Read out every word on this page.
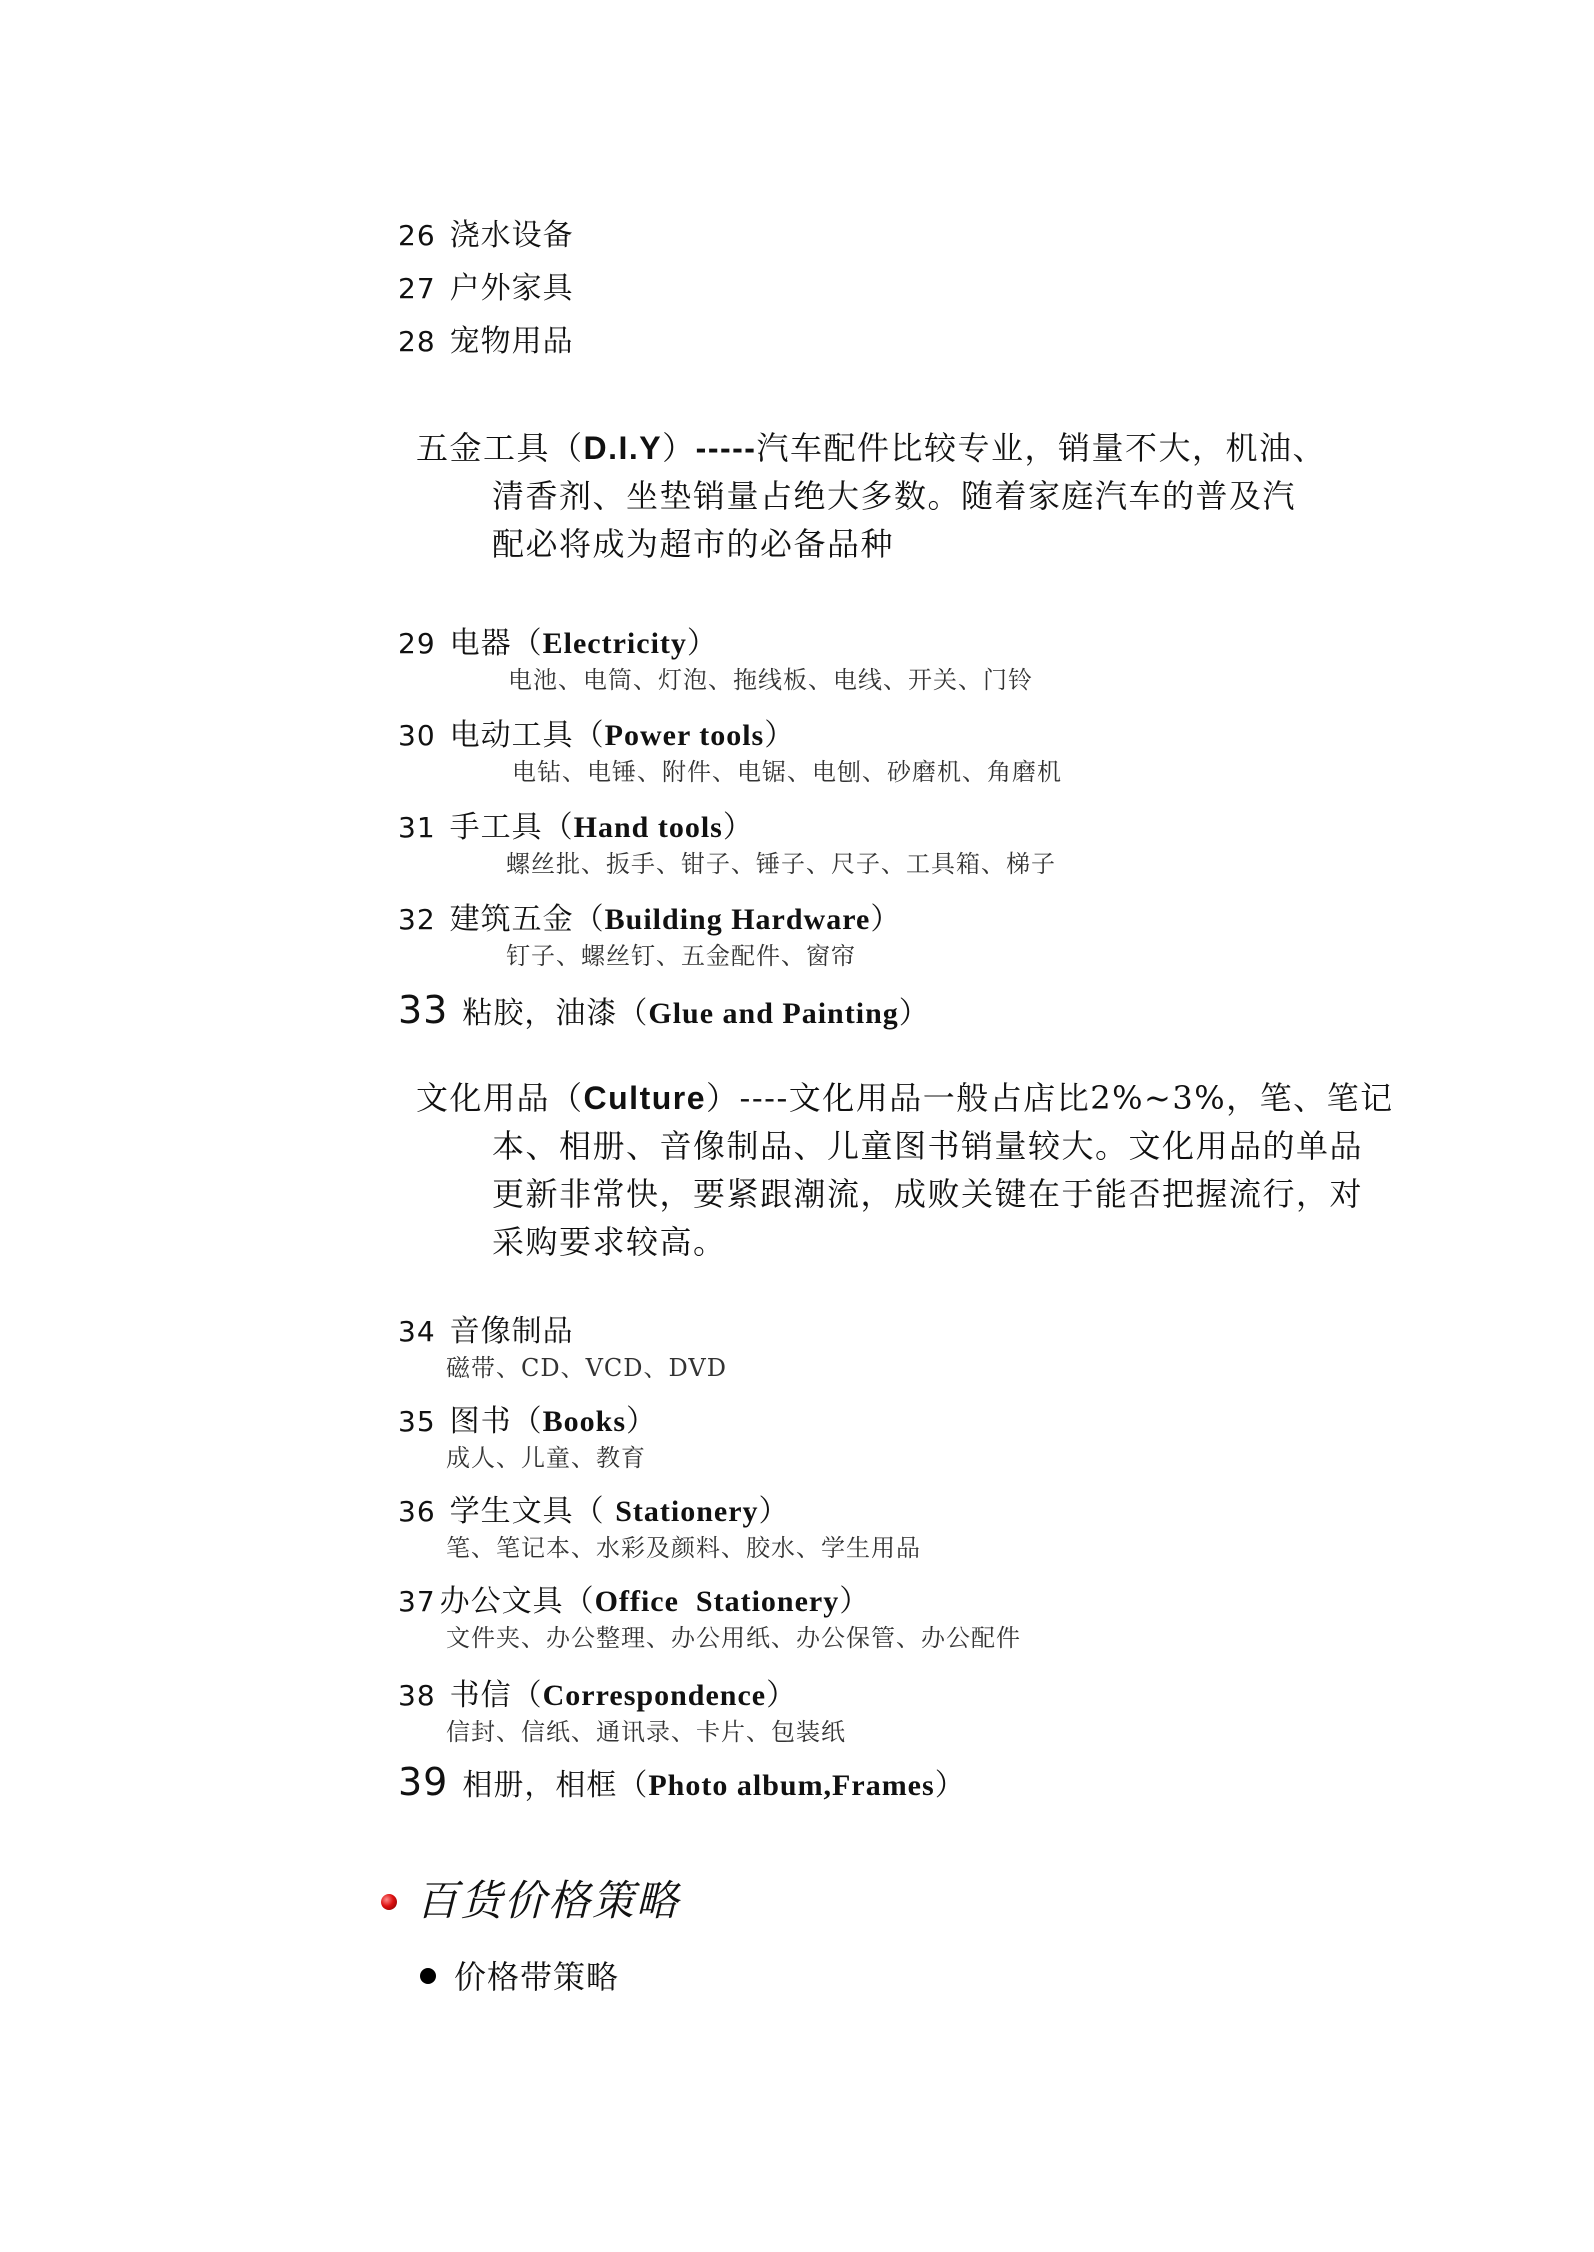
26 浇水设备
27 户外家具
28 宠物用品
五金工具（D.I.Y）-----汽车配件比较专业，销量不大，机油、
清香剂、坐垫销量占绝大多数。随着家庭汽车的普及汽
配必将成为超市的必备品种
29 电器（Electricity）
电池、电筒、灯泡、拖线板、电线、开关、门铃
30 电动工具（Power tools）
电钻、电锤、附件、电锯、电刨、砂磨机、角磨机
31 手工具（Hand tools）
螺丝批、扳手、钳子、锤子、尺子、工具箱、梯子
32 建筑五金（Building Hardware）
钉子、螺丝钉、五金配件、窗帘
33 粘胶，油漆（Glue and Painting）
文化用品（Culture）----文化用品一般占店比2%~3%，笔、笔记
本、相册、音像制品、儿童图书销量较大。文化用品的单品
更新非常快，要紧跟潮流，成败关键在于能否把握流行，对
采购要求较高。
34 音像制品
磁带、CD、VCD、DVD
35 图书（Books）
成人、儿童、教育
36 学生文具（ Stationery）
笔、笔记本、水彩及颜料、胶水、学生用品
37 办公文具（Office  Stationery）
文件夹、办公整理、办公用纸、办公保管、办公配件
38 书信（Correspondence）
信封、信纸、通讯录、卡片、包装纸
39 相册，相框（Photo album,Frames）
百货价格策略
价格带策略
